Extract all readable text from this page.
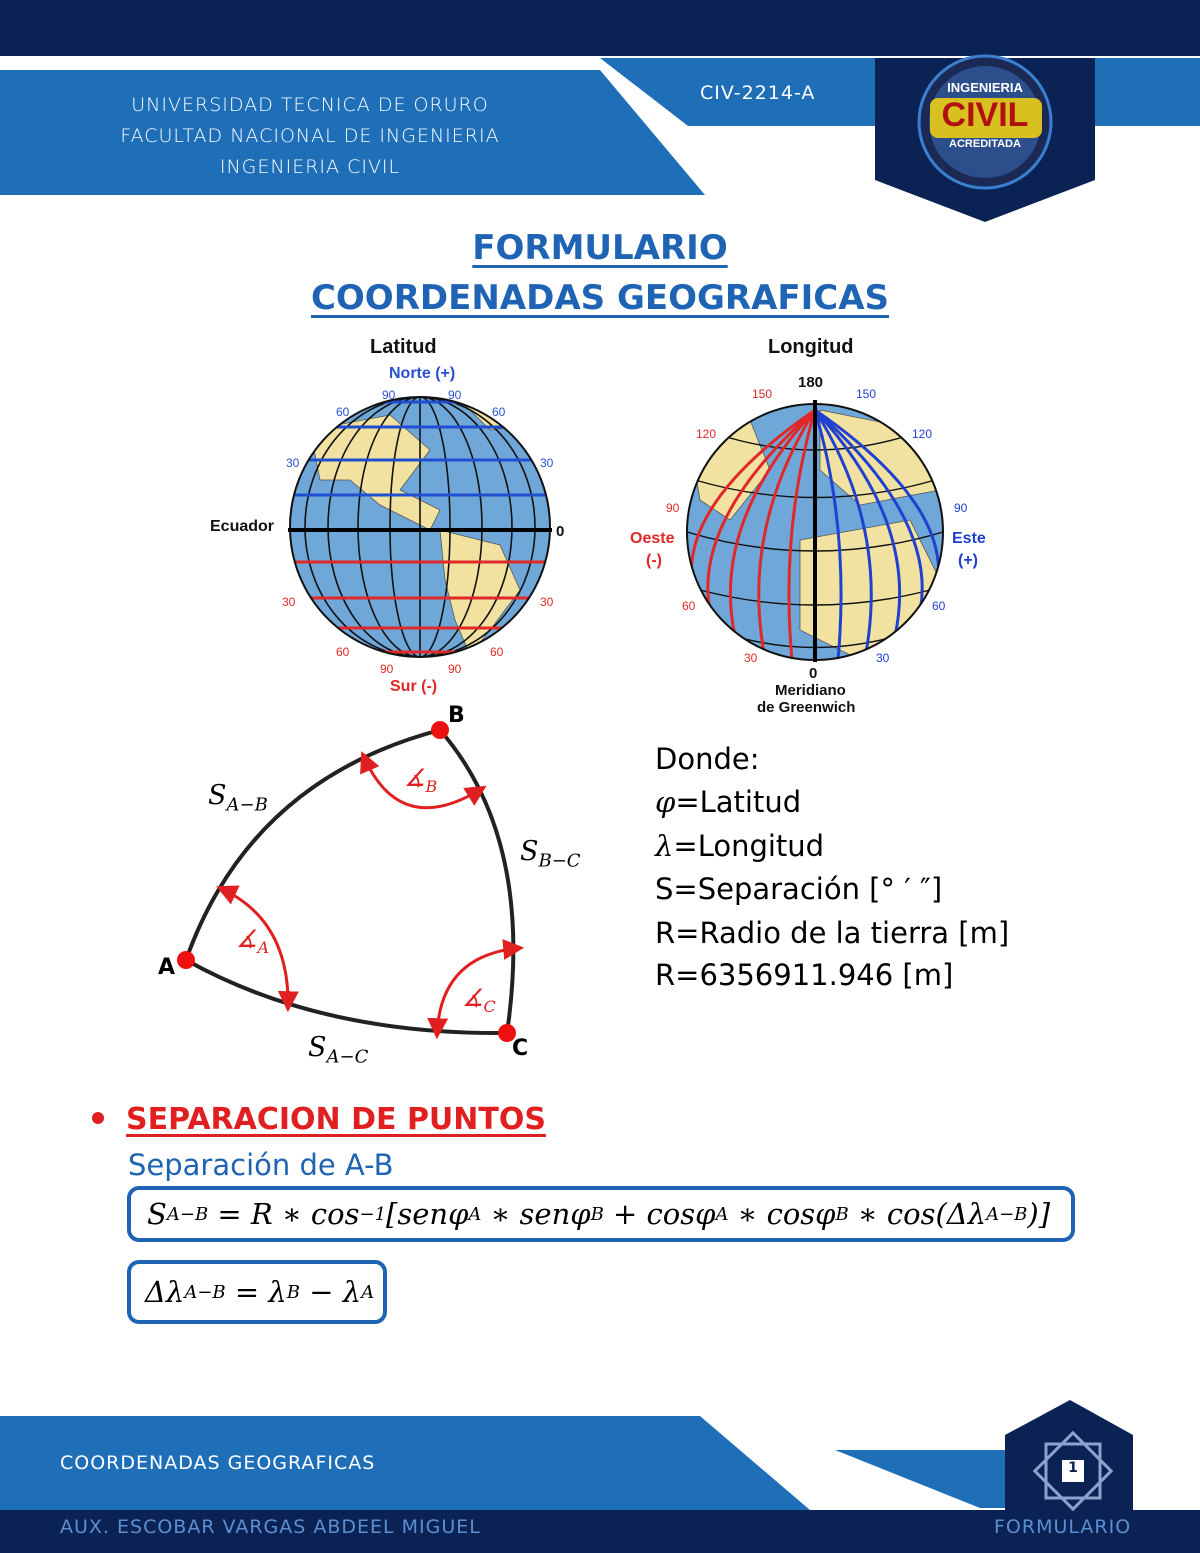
INGENIERIA
CIVIL
ACREDITADA
UNIVERSIDAD TECNICA DE ORURO
FACULTAD NACIONAL DE INGENIERIA
INGENIERIA CIVIL
CIV-2214-A
FORMULARIO
COORDENADAS GEOGRAFICAS
90	90
60	60
30	30
30	30
60	60
90	90
Latitud
Norte (+)
Sur (-)
Ecuador	0
150
120
90
60
30
150
120
90
60
30
Longitud
180
Oeste
(-)
Este
(+)
0
Meridiano
de Greenwich
A
B
C
$S_{A-B}$
$S_{B-C}$
$S_{A-C}$
$∡_B$
$∡_A$
$∡_C$
Donde:
φ=Latitud
λ=Longitud
S=Separación [° ′ ″]
R=Radio de la tierra [m]
R=6356911.946 [m]
SEPARACION DE PUNTOS
Separación de A-B
S A−B = R ∗ cos −1 [senφ A ∗ senφ B + cosφ A ∗ cosφ B ∗ cos(Δλ A−B )]
Δλ A−B = λ B − λ A
1
COORDENADAS GEOGRAFICAS
AUX. ESCOBAR VARGAS ABDEEL MIGUEL	FORMULARIO
